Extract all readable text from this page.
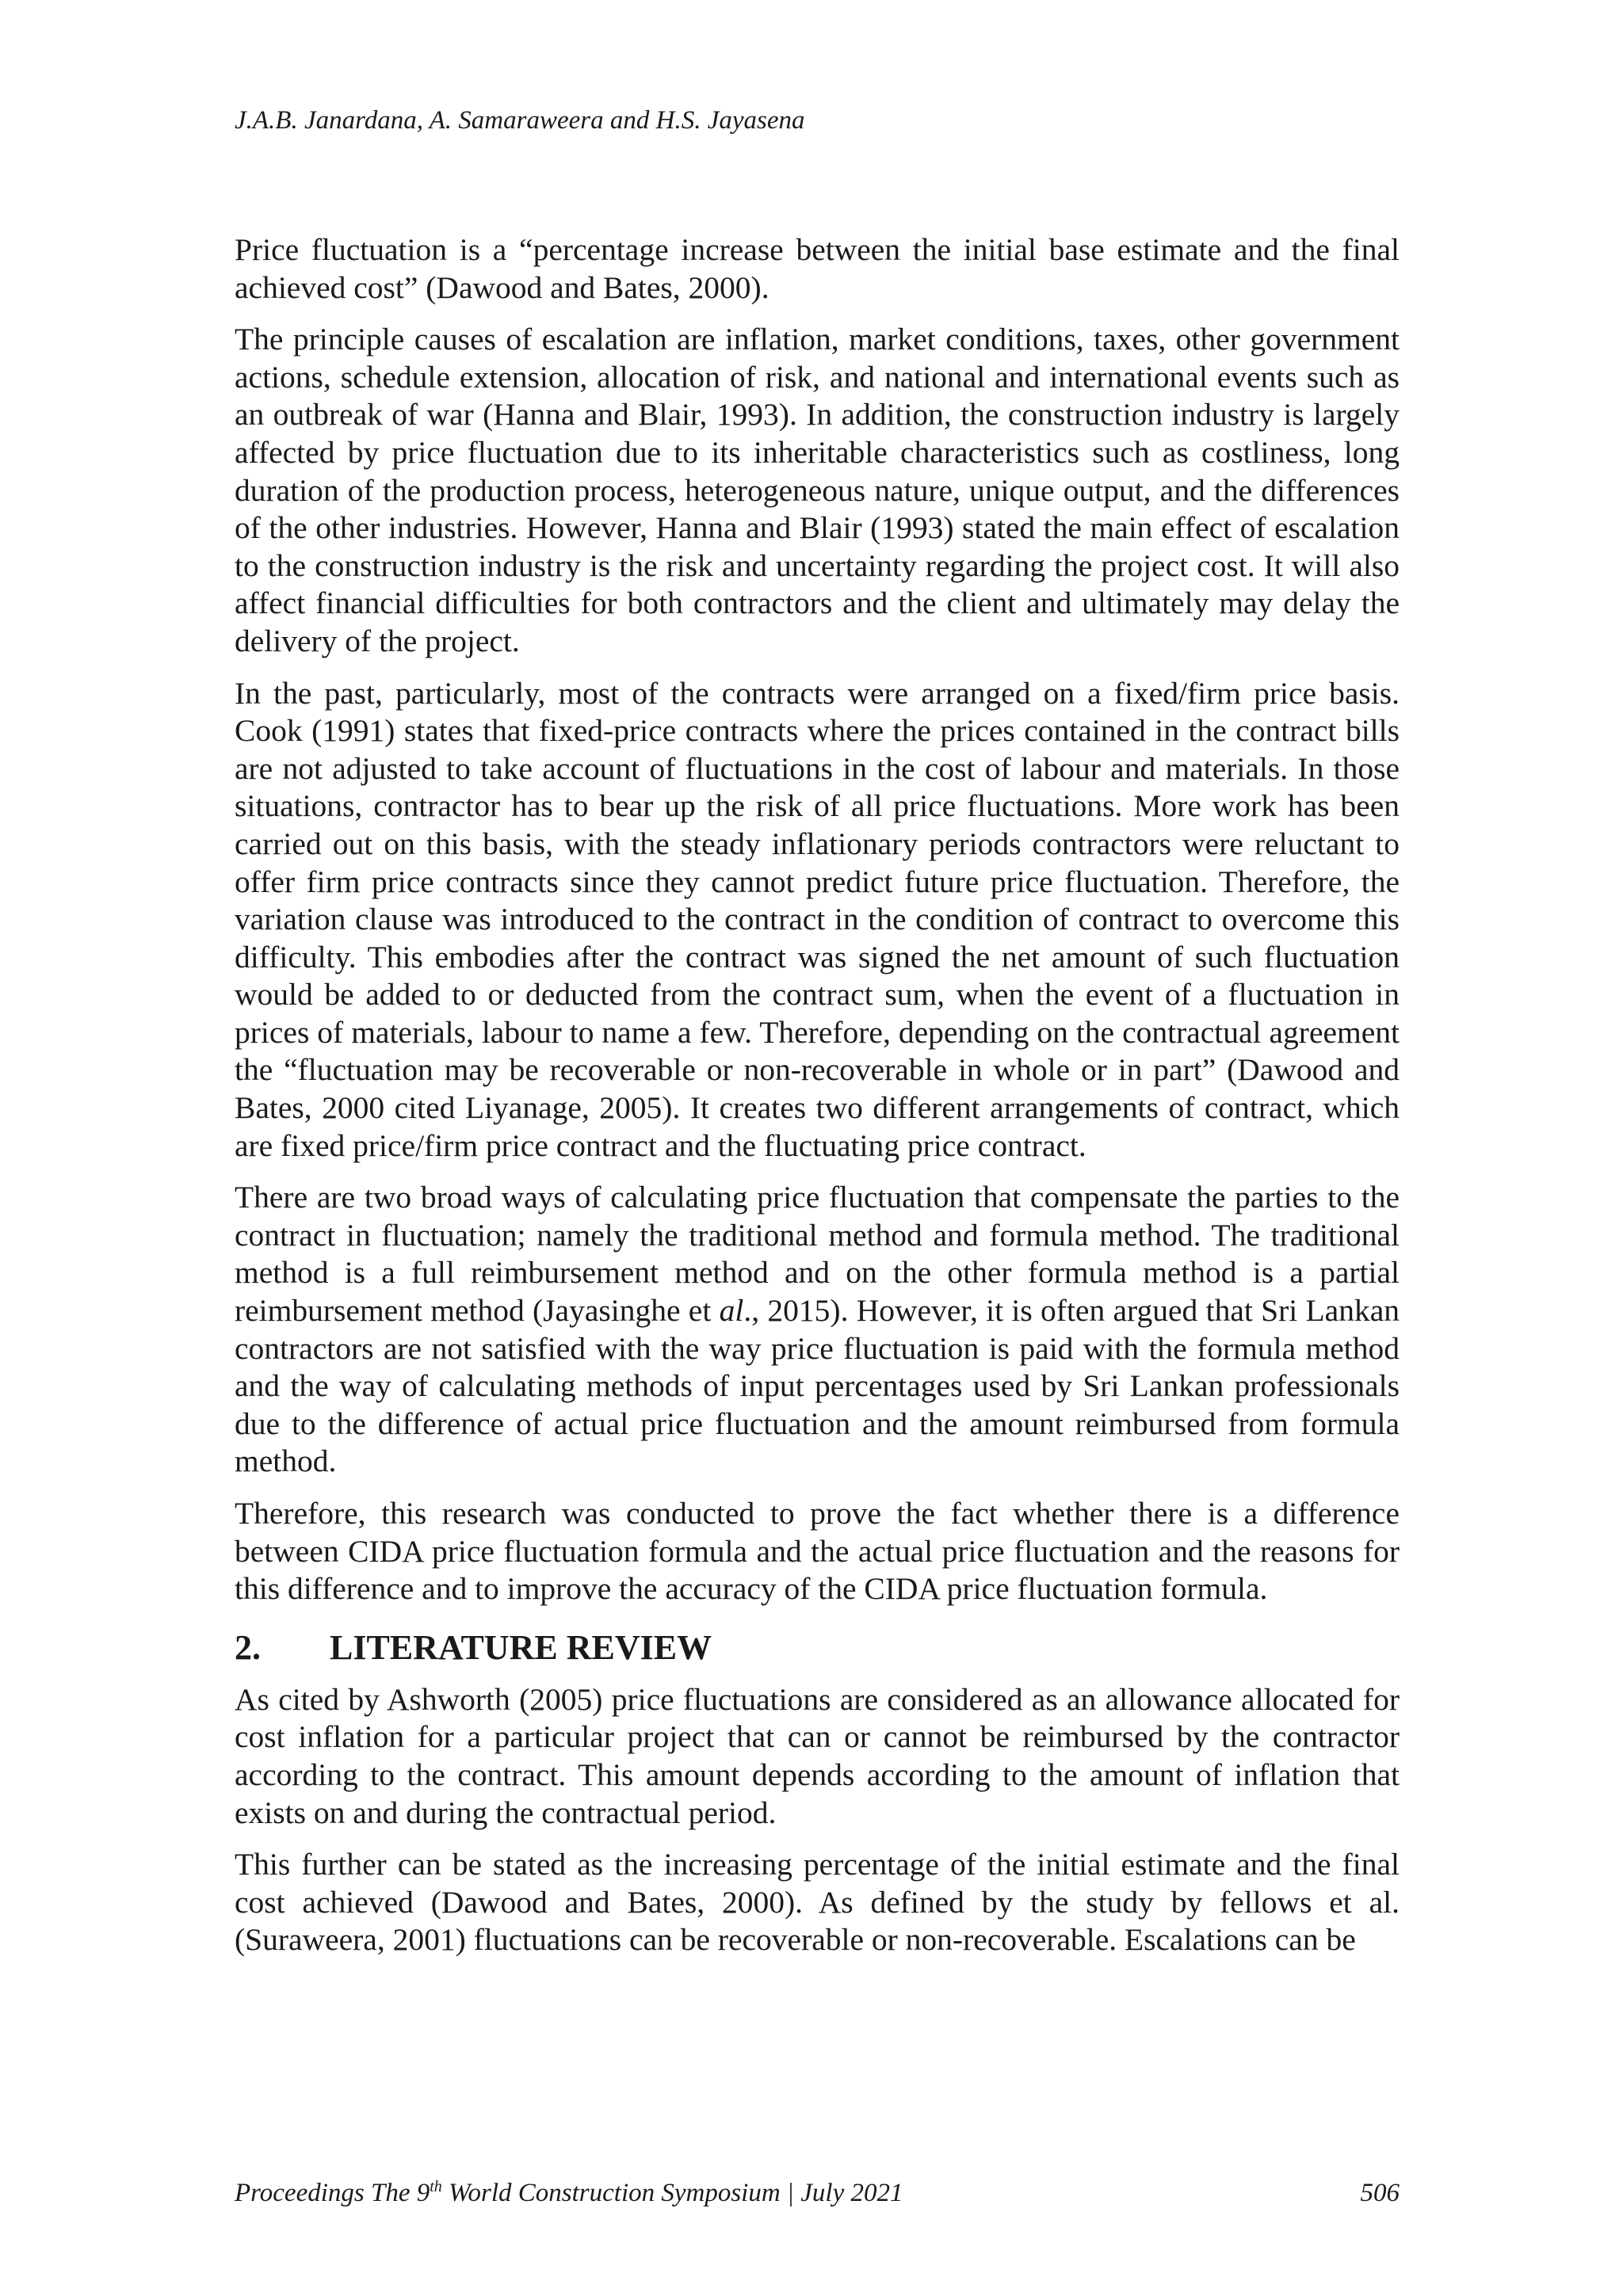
J.A.B. Janardana, A. Samaraweera and H.S. Jayasena

Price fluctuation is a “percentage increase between the initial base estimate and the final achieved cost” (Dawood and Bates, 2000).

The principle causes of escalation are inflation, market conditions, taxes, other government actions, schedule extension, allocation of risk, and national and international events such as an outbreak of war (Hanna and Blair, 1993). In addition, the construction industry is largely affected by price fluctuation due to its inheritable characteristics such as costliness, long duration of the production process, heterogeneous nature, unique output, and the differences of the other industries. However, Hanna and Blair (1993) stated the main effect of escalation to the construction industry is the risk and uncertainty regarding the project cost. It will also affect financial difficulties for both contractors and the client and ultimately may delay the delivery of the project.

In the past, particularly, most of the contracts were arranged on a fixed/firm price basis. Cook (1991) states that fixed-price contracts where the prices contained in the contract bills are not adjusted to take account of fluctuations in the cost of labour and materials. In those situations, contractor has to bear up the risk of all price fluctuations. More work has been carried out on this basis, with the steady inflationary periods contractors were reluctant to offer firm price contracts since they cannot predict future price fluctuation. Therefore, the variation clause was introduced to the contract in the condition of contract to overcome this difficulty. This embodies after the contract was signed the net amount of such fluctuation would be added to or deducted from the contract sum, when the event of a fluctuation in prices of materials, labour to name a few. Therefore, depending on the contractual agreement the “fluctuation may be recoverable or non-recoverable in whole or in part” (Dawood and Bates, 2000 cited Liyanage, 2005). It creates two different arrangements of contract, which are fixed price/firm price contract and the fluctuating price contract.

There are two broad ways of calculating price fluctuation that compensate the parties to the contract in fluctuation; namely the traditional method and formula method. The traditional method is a full reimbursement method and on the other formula method is a partial reimbursement method (Jayasinghe et al., 2015). However, it is often argued that Sri Lankan contractors are not satisfied with the way price fluctuation is paid with the formula method and the way of calculating methods of input percentages used by Sri Lankan professionals due to the difference of actual price fluctuation and the amount reimbursed from formula method.

Therefore, this research was conducted to prove the fact whether there is a difference between CIDA price fluctuation formula and the actual price fluctuation and the reasons for this difference and to improve the accuracy of the CIDA price fluctuation formula.

2.	LITERATURE REVIEW

As cited by Ashworth (2005) price fluctuations are considered as an allowance allocated for cost inflation for a particular project that can or cannot be reimbursed by the contractor according to the contract. This amount depends according to the amount of inflation that exists on and during the contractual period.

This further can be stated as the increasing percentage of the initial estimate and the final cost achieved (Dawood and Bates, 2000). As defined by the study by fellows et al. (Suraweera, 2001) fluctuations can be recoverable or non-recoverable. Escalations can be

Proceedings The 9th World Construction Symposium | July 2021	506
